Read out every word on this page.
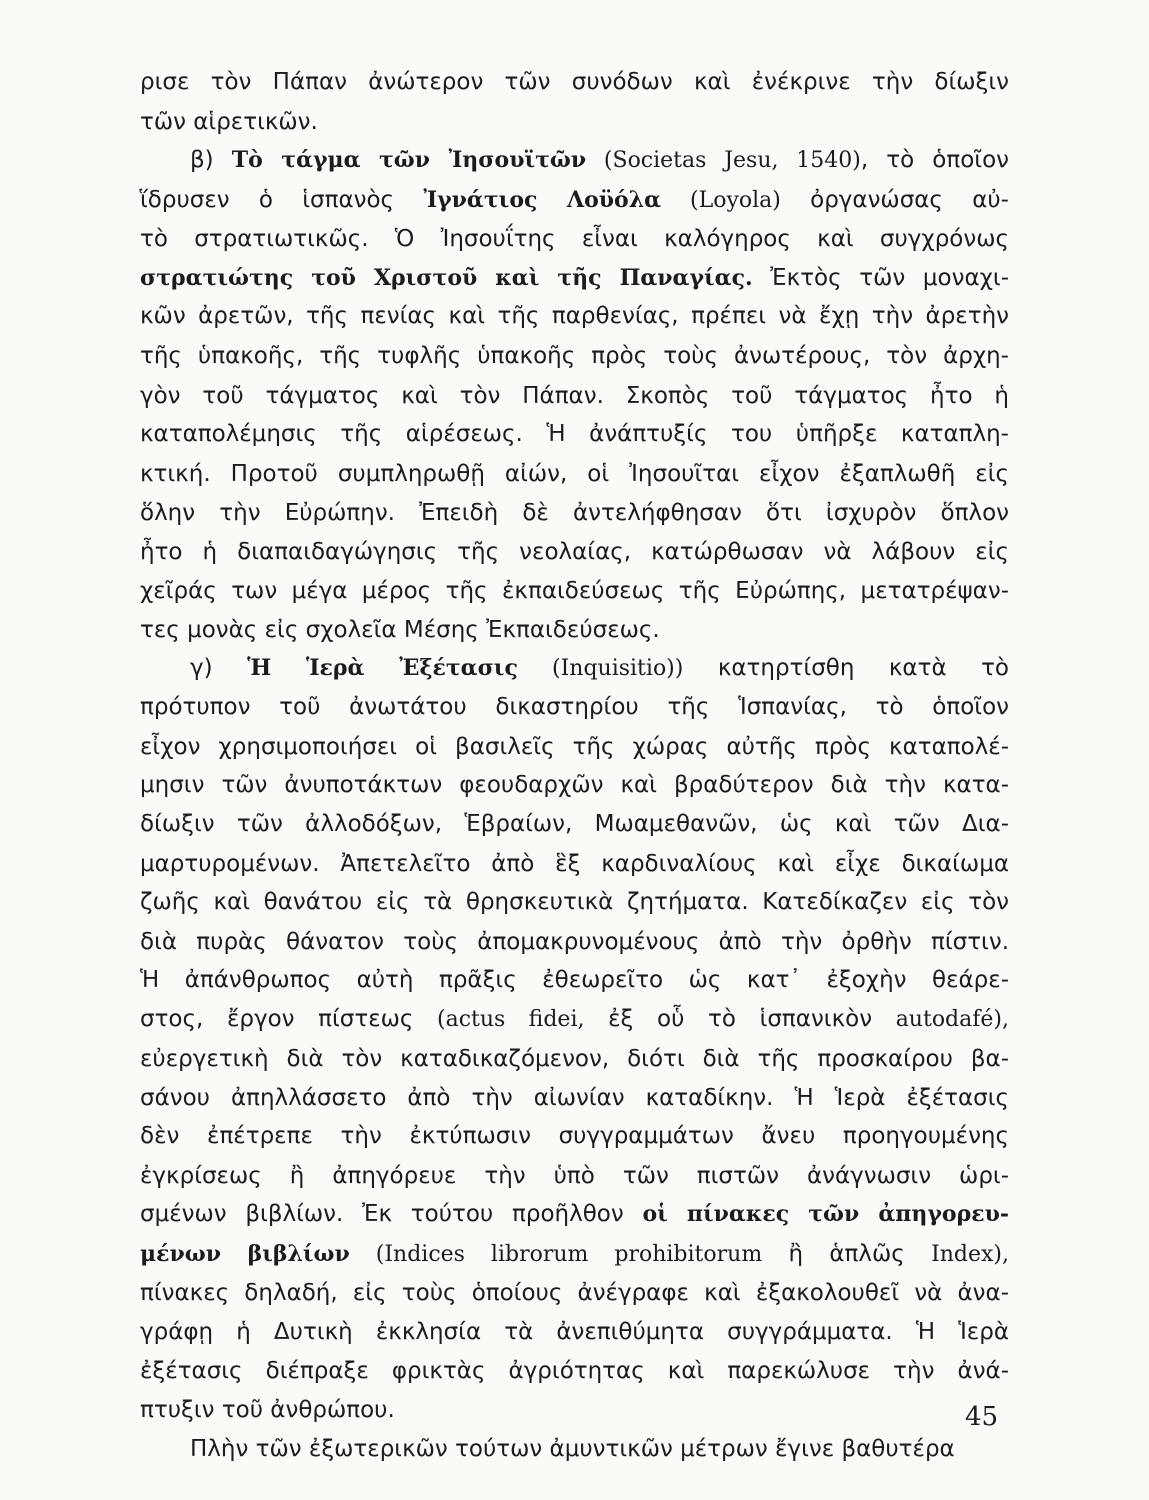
ρισε τὸν Πάπαν ἀνώτερον τῶν συνόδων καὶ ἐνέκρινε τὴν δίωξιν
τῶν αἱρετικῶν.
β) Τὸ τάγμα τῶν Ἰησουϊτῶν (Societas Jesu, 1540), τὸ ὁποῖον
ἵδρυσεν ὁ ἱσπανὸς Ἰγνάτιος Λοϋόλα (Loyola) ὀργανώσας αὐ-
τὸ στρατιωτικῶς. Ὁ Ἰησουΐτης εἶναι καλόγηρος καὶ συγχρόνως
στρατιώτης τοῦ Χριστοῦ καὶ τῆς Παναγίας. Ἐκτὸς τῶν μοναχι-
κῶν ἀρετῶν, τῆς πενίας καὶ τῆς παρθενίας, πρέπει νὰ ἔχῃ τὴν ἀρετὴν
τῆς ὑπακοῆς, τῆς τυφλῆς ὑπακοῆς πρὸς τοὺς ἀνωτέρους, τὸν ἀρχη-
γὸν τοῦ τάγματος καὶ τὸν Πάπαν. Σκοπὸς τοῦ τάγματος ἦτο ἡ
καταπολέμησις τῆς αἱρέσεως. Ἡ ἀνάπτυξίς του ὑπῆρξε καταπλη-
κτική. Προτοῦ συμπληρωθῇ αἰών, οἱ Ἰησουῖται εἶχον ἐξαπλωθῆ εἰς
ὅλην τὴν Εὐρώπην. Ἐπειδὴ δὲ ἀντελήφθησαν ὅτι ἰσχυρὸν ὅπλον
ἦτο ἡ διαπαιδαγώγησις τῆς νεολαίας, κατώρθωσαν νὰ λάβουν εἰς
χεῖράς των μέγα μέρος τῆς ἐκπαιδεύσεως τῆς Εὐρώπης, μετατρέψαν-
τες μονὰς εἰς σχολεῖα Μέσης Ἐκπαιδεύσεως.
γ) Ἡ Ἱερὰ Ἐξέτασις (Inquisitio)) κατηρτίσθη κατὰ τὸ
πρότυπον τοῦ ἀνωτάτου δικαστηρίου τῆς Ἱσπανίας, τὸ ὁποῖον
εἶχον χρησιμοποιήσει οἱ βασιλεῖς τῆς χώρας αὐτῆς πρὸς καταπολέ-
μησιν τῶν ἀνυποτάκτων φεουδαρχῶν καὶ βραδύτερον διὰ τὴν κατα-
δίωξιν τῶν ἀλλοδόξων, Ἑβραίων, Μωαμεθανῶν, ὡς καὶ τῶν Δια-
μαρτυρομένων. Ἀπετελεῖτο ἀπὸ ἓξ καρδιναλίους καὶ εἶχε δικαίωμα
ζωῆς καὶ θανάτου εἰς τὰ θρησκευτικὰ ζητήματα. Κατεδίκαζεν εἰς τὸν
διὰ πυρὰς θάνατον τοὺς ἀπομακρυνομένους ἀπὸ τὴν ὀρθὴν πίστιν.
Ἡ ἀπάνθρωπος αὐτὴ πρᾶξις ἐθεωρεῖτο ὡς κατ᾽ ἐξοχὴν θεάρε-
στος, ἔργον πίστεως (actus fidei, ἐξ οὗ τὸ ἱσπανικὸν autodafé),
εὐεργετικὴ διὰ τὸν καταδικαζόμενον, διότι διὰ τῆς προσκαίρου βα-
σάνου ἀπηλλάσσετο ἀπὸ τὴν αἰωνίαν καταδίκην. Ἡ Ἱερὰ ἐξέτασις
δὲν ἐπέτρεπε τὴν ἐκτύπωσιν συγγραμμάτων ἄνευ προηγουμένης
ἐγκρίσεως ἢ ἀπηγόρευε τὴν ὑπὸ τῶν πιστῶν ἀνάγνωσιν ὡρι-
σμένων βιβλίων. Ἐκ τούτου προῆλθον οἱ πίνακες τῶν ἀπηγορευ-
μένων βιβλίων (Indices librorum prohibitorum ἢ ἁπλῶς Index),
πίνακες δηλαδή, εἰς τοὺς ὁποίους ἀνέγραφε καὶ ἐξακολουθεῖ νὰ ἀνα-
γράφῃ ἡ Δυτικὴ ἐκκλησία τὰ ἀνεπιθύμητα συγγράμματα. Ἡ Ἱερὰ
ἐξέτασις διέπραξε φρικτὰς ἀγριότητας καὶ παρεκώλυσε τὴν ἀνά-
πτυξιν τοῦ ἀνθρώπου.
Πλὴν τῶν ἐξωτερικῶν τούτων ἀμυντικῶν μέτρων ἔγινε βαθυτέρα
45
